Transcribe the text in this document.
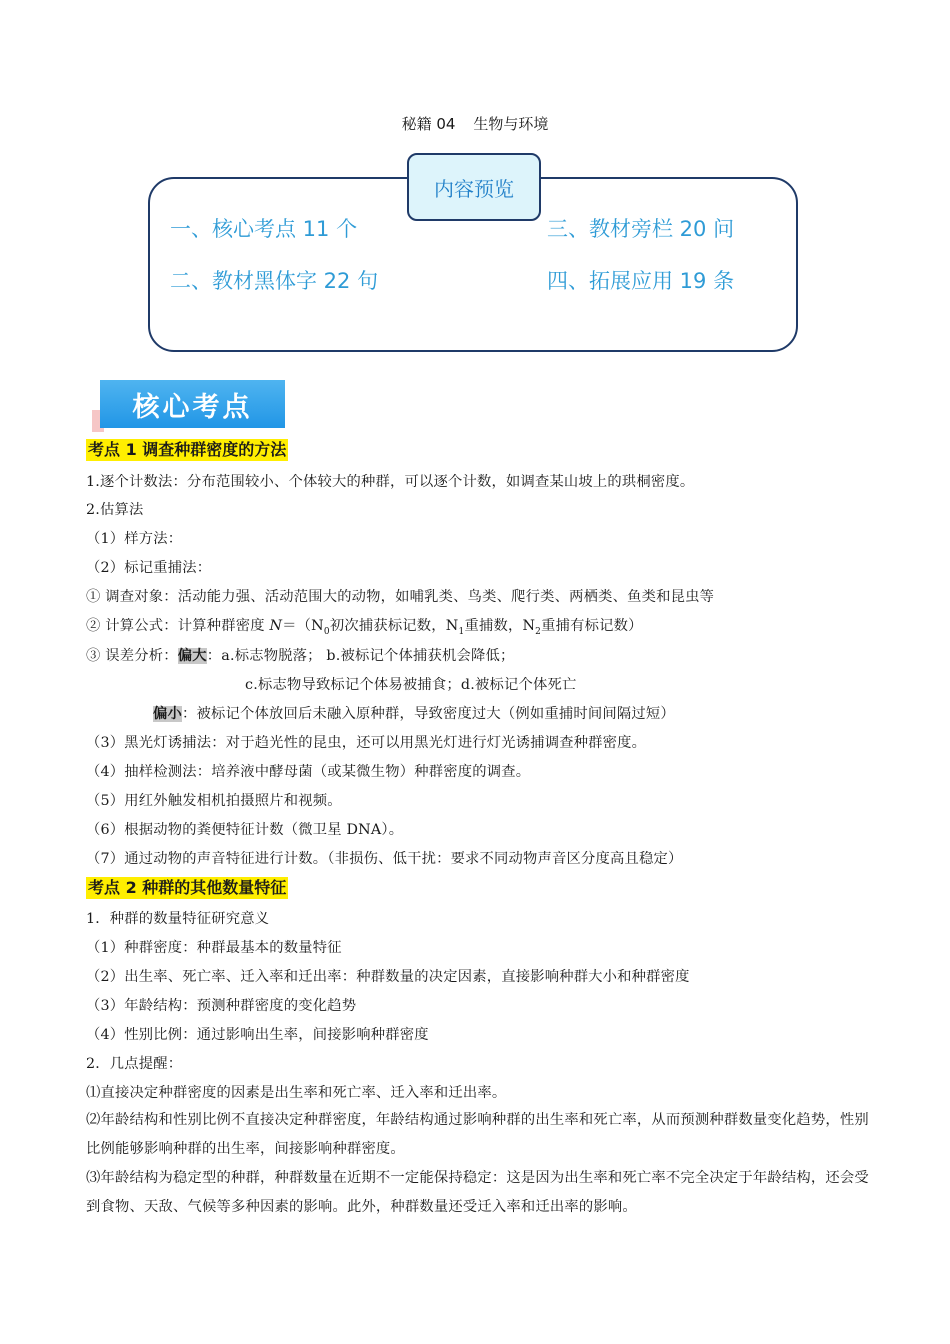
秘籍 04 生物与环境
内容预览
一、核心考点 11 个	三、教材旁栏 20 问
二、教材黑体字 22 句	四、拓展应用 19 条
核心考点
考点 1 调查种群密度的方法
1.逐个计数法：分布范围较小、个体较大的种群，可以逐个计数，如调查某山坡上的珙桐密度。
2.估算法
（1）样方法：
（2）标记重捕法：
① 调查对象：活动能力强、活动范围大的动物，如哺乳类、鸟类、爬行类、两栖类、鱼类和昆虫等
② 计算公式：计算种群密度 $N=(N_0$初次捕获标记数，$N_1$重捕数，$N_2$重捕有标记数）
③ 误差分析：偏大：a.标志物脱落； b.被标记个体捕获机会降低；
c.标志物导致标记个体易被捕食；d.被标记个体死亡
偏小：被标记个体放回后未融入原种群，导致密度过大（例如重捕时间间隔过短）
（3）黑光灯诱捕法：对于趋光性的昆虫，还可以用黑光灯进行灯光诱捕调查种群密度。
（4）抽样检测法：培养液中酵母菌（或某微生物）种群密度的调查。
（5）用红外触发相机拍摄照片和视频。
（6）根据动物的粪便特征计数（微卫星 DNA）。
（7）通过动物的声音特征进行计数。（非损伤、低干扰：要求不同动物声音区分度高且稳定）
考点 2 种群的其他数量特征
1．种群的数量特征研究意义
（1）种群密度：种群最基本的数量特征
（2）出生率、死亡率、迁入率和迁出率：种群数量的决定因素，直接影响种群大小和种群密度
（3）年龄结构：预测种群密度的变化趋势
（4）性别比例：通过影响出生率，间接影响种群密度
2．几点提醒：
⑴直接决定种群密度的因素是出生率和死亡率、迁入率和迁出率。
⑵年龄结构和性别比例不直接决定种群密度，年龄结构通过影响种群的出生率和死亡率，从而预测种群数量变化趋势，性别比例能够影响种群的出生率，间接影响种群密度。
⑶年龄结构为稳定型的种群，种群数量在近期不一定能保持稳定：这是因为出生率和死亡率不完全决定于年龄结构，还会受到食物、天敌、气候等多种因素的影响。此外，种群数量还受迁入率和迁出率的影响。
